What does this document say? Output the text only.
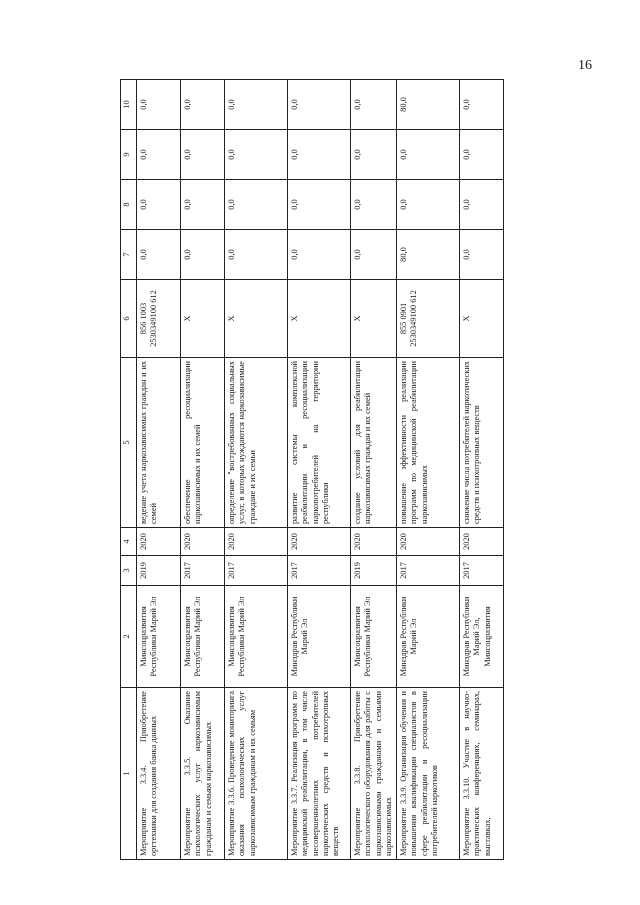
16
1	2	3	4	5	6	7	8	9	10
Мероприятие 3.3.4. Приобретение оргтехники для создания банка данных	Минсоцразвития Республики Марий Эл	2019	2020	ведение учета наркозависимых граждан и их семей	856 1003 2530349100 612	0,0	0,0	0,0	0,0
Мероприятие 3.3.5. Оказание психологических услуг наркозависимым гражданам и семьям наркозависимых	Минсоцразвития Республики Марий Эл	2017	2020	обеспечение ресоциализации наркозависимых и их семей	X	0,0	0,0	0,0	0,0
Мероприятие 3.3.6. Проведение мониторинга оказания психологических услуг наркозависимым гражданам и их семьям	Минсоцразвития Республики Марий Эл	2017	2020	определение востребованных социальных услуг, в которых нуждаются наркозависимые граждане и их семьи	X	0,0	0,0	0,0	0,0
Мероприятие 3.3.7. Реализация программ по медицинской реабилитации, в том числе несовершеннолетних потребителей наркотических средств и психотропных веществ	Минздрав Республики Марий Эл	2017	2020	развитие системы комплексной реабилитации и ресоциализации наркопотребителей на территории республики	X	0,0	0,0	0,0	0,0
Мероприятие 3.3.8. Приобретение психологического оборудования для работы с наркозависимыми гражданами и семьями наркозависимых	Минсоцразвития Республики Марий Эл	2019	2020	создание условий для реабилитации наркозависимых граждан и их семей	X	0,0	0,0	0,0	0,0
Мероприятие 3.3.9. Организация обучения и повышения квалификации специалистов в сфере реабилитации и ресоциализации потребителей наркотиков	Минздрав Республики Марий Эл	2017	2020	повышение эффективности реализации программ по медицинской реабилитации наркозависимых	855 0901 2530349100 612	80,0	0,0	0,0	80,0
Мероприятие 3.3.10. Участие в научно-практических конференциях, семинарах, выставках,	Минздрав Республики Марий Эл, Минсоцразвития	2017	2020	снижение числа потребителей наркотических средств и психотропных веществ	X	0,0	0,0	0,0	0,0
